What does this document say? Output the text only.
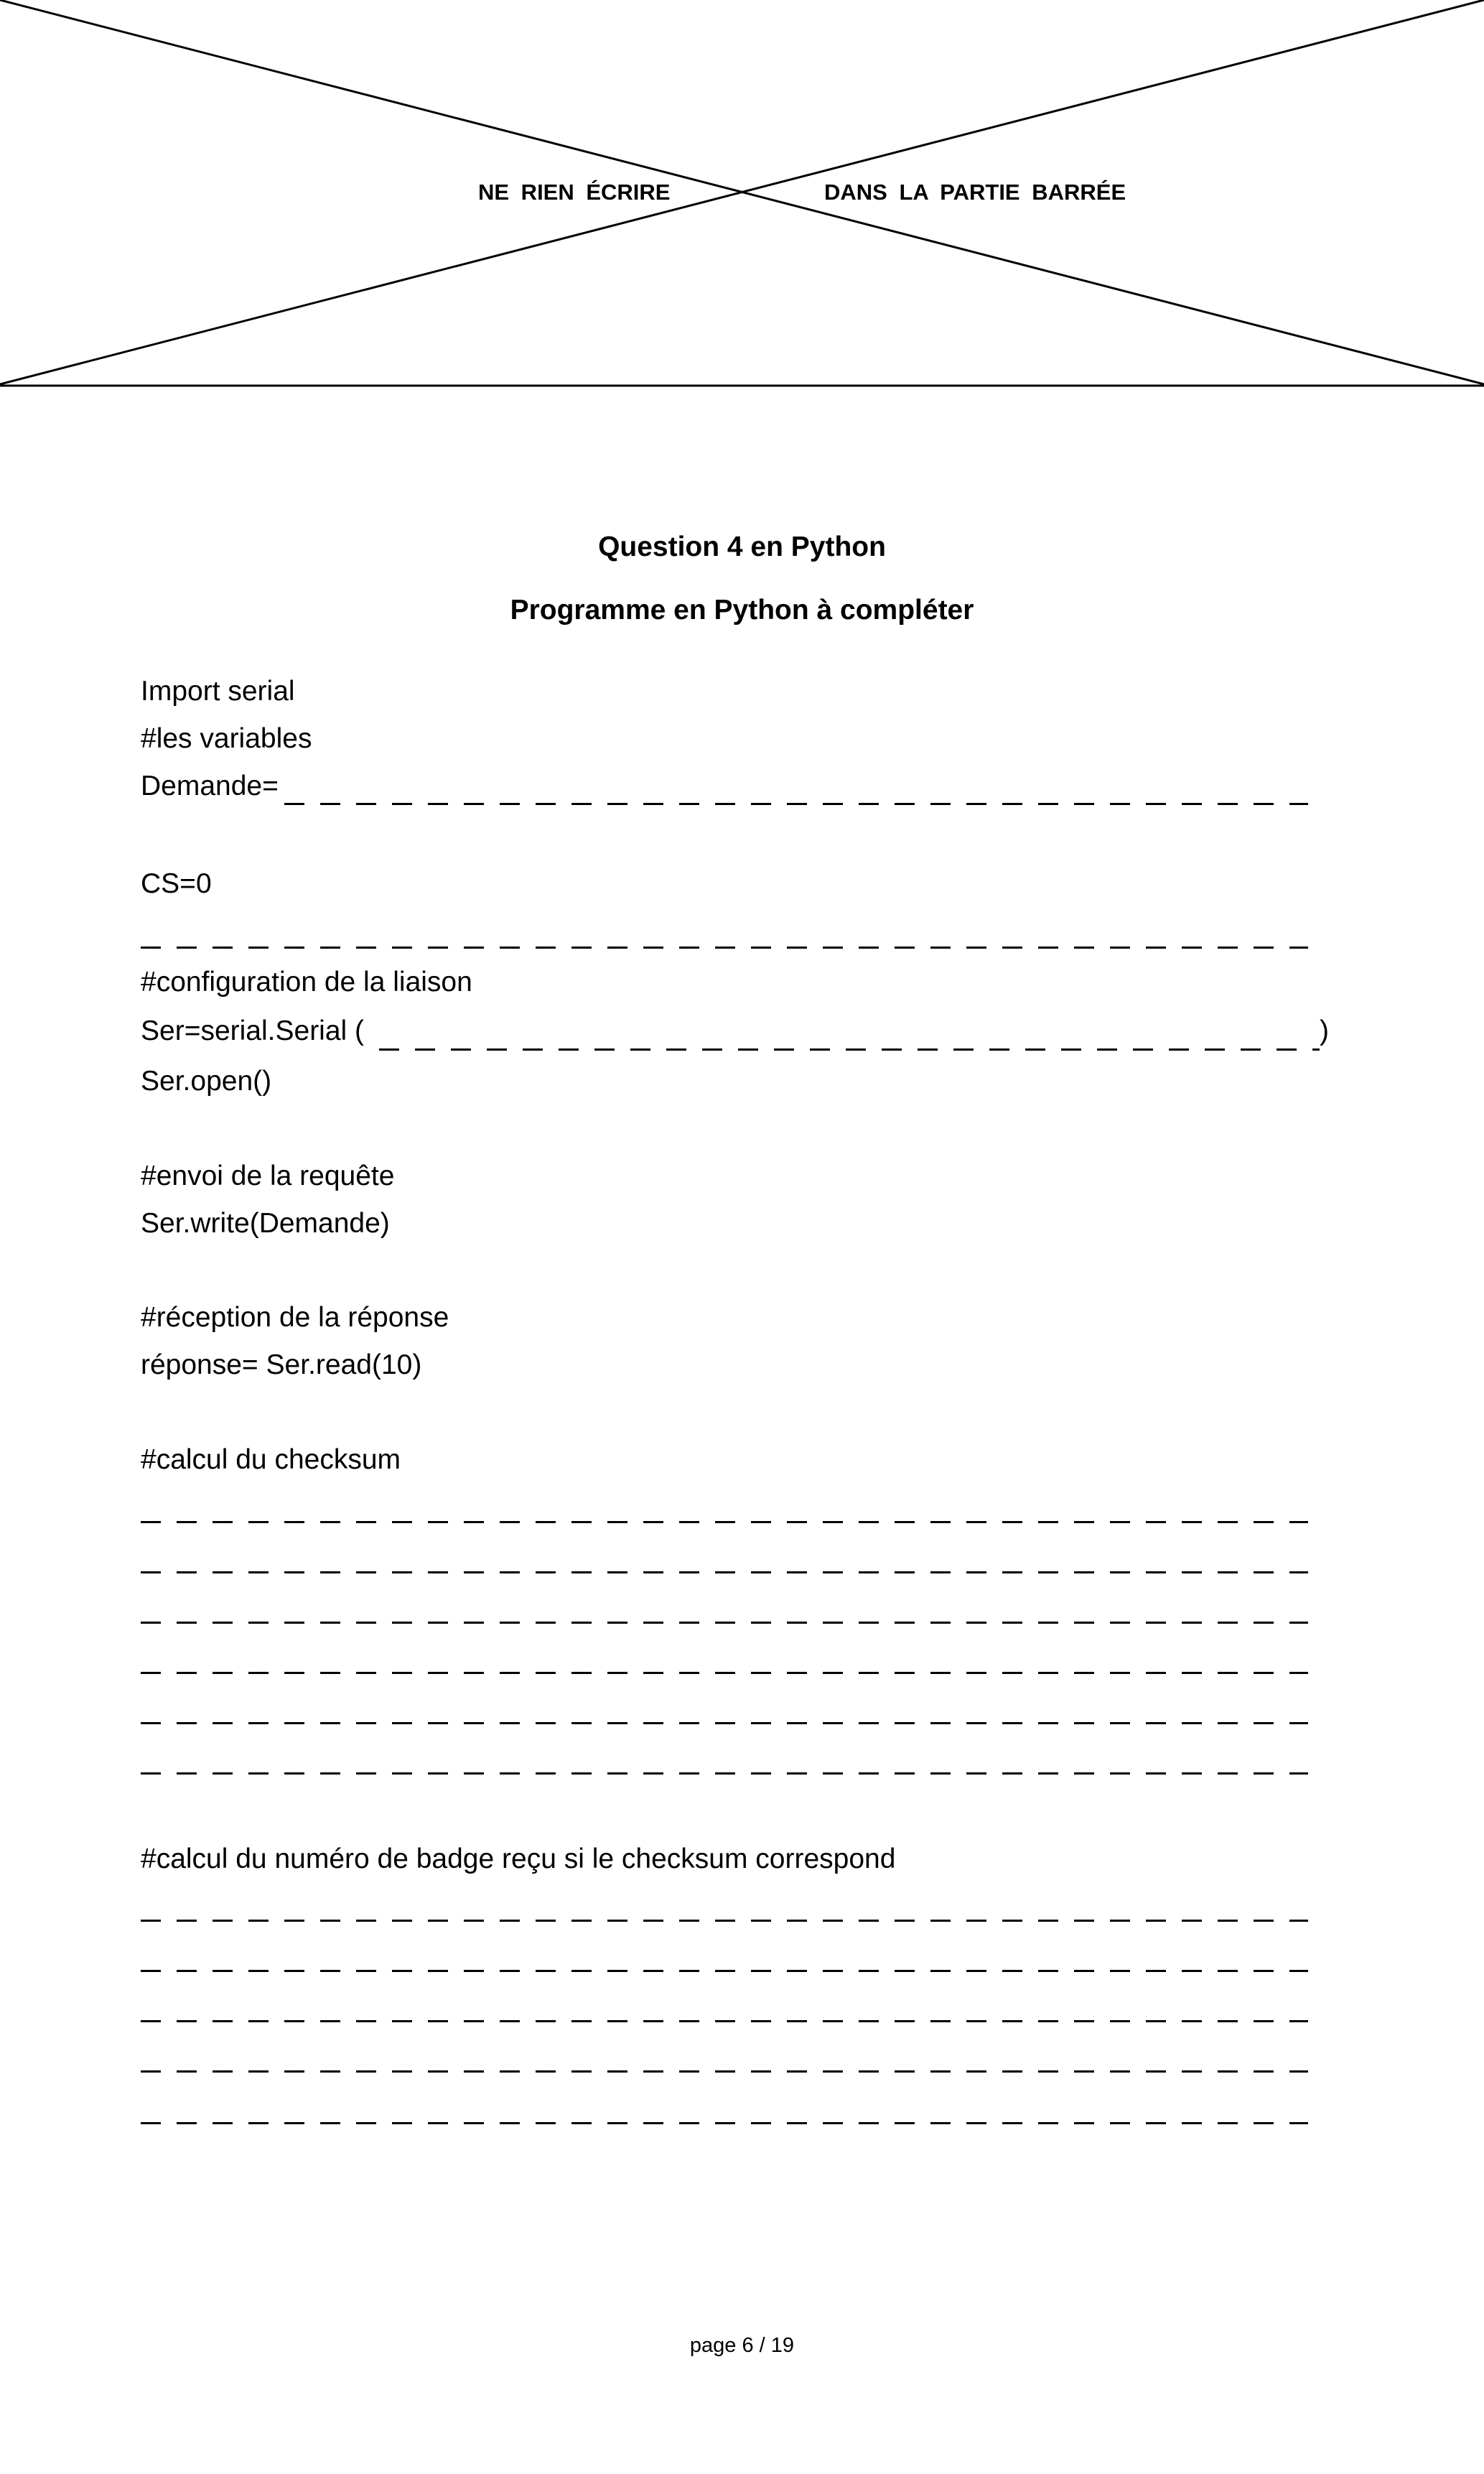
NE RIEN ÉCRIRE	DANS LA PARTIE BARRÉE
Question 4 en Python
Programme en Python à compléter
Import serial
#les variables
Demande=
CS=0
#configuration de la liaison
Ser=serial.Serial (	)
Ser.open()
#envoi de la requête
Ser.write(Demande)
#réception de la réponse
réponse= Ser.read(10)
#calcul du checksum
#calcul du numéro de badge reçu si le checksum correspond
page 6 / 19
